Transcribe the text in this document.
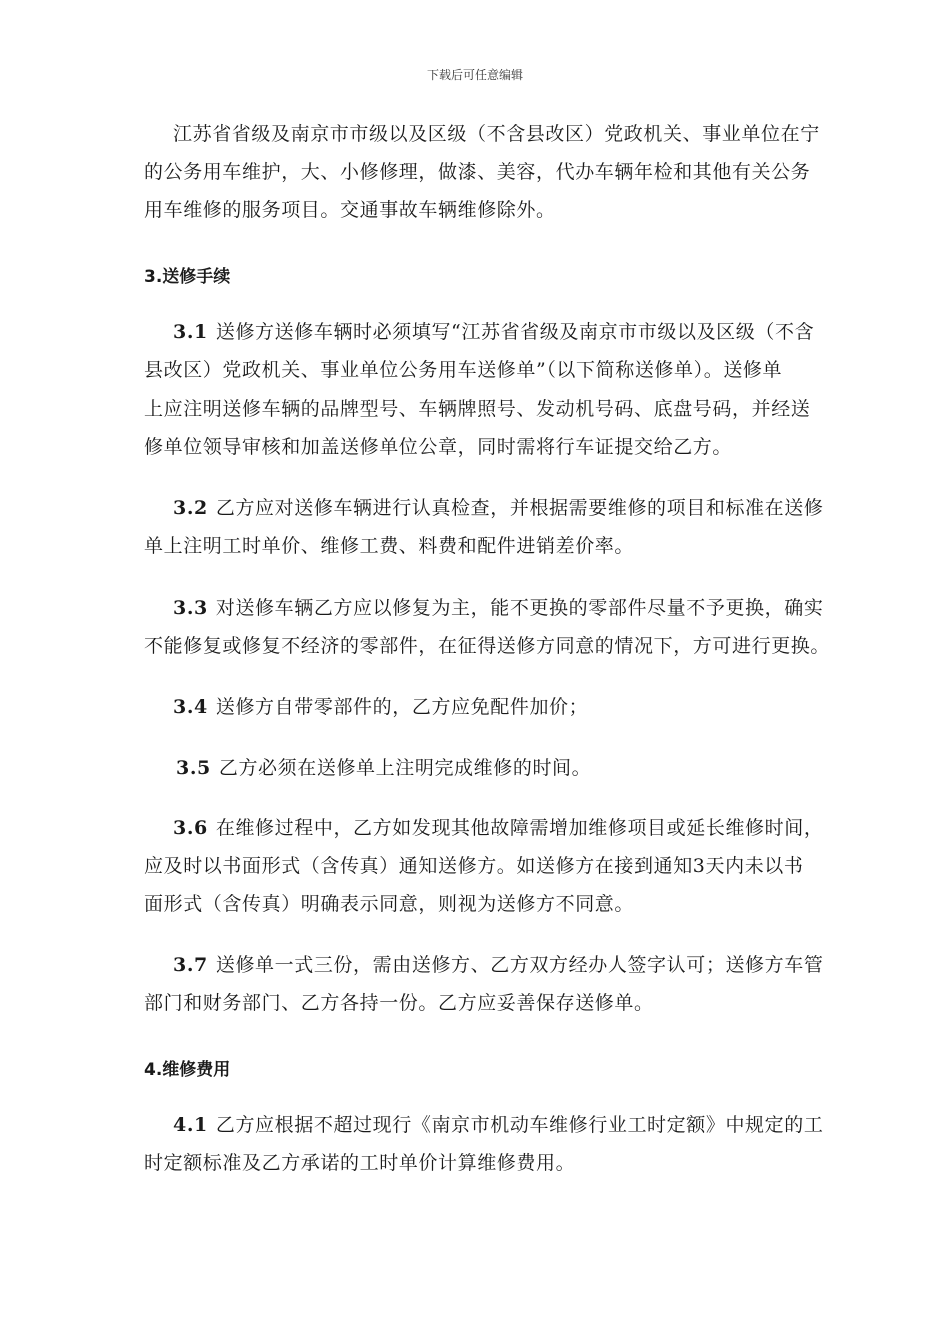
下载后可任意编辑
江苏省省级及南京市市级以及区级（不含县改区）党政机关、事业单位在宁
的公务用车维护，大、小修修理，做漆、美容，代办车辆年检和其他有关公务
用车维修的服务项目。交通事故车辆维修除外。
3.送修手续
3.1 送修方送修车辆时必须填写“江苏省省级及南京市市级以及区级（不含
县改区）党政机关、事业单位公务用车送修单”（以下简称送修单）。送修单
上应注明送修车辆的品牌型号、车辆牌照号、发动机号码、底盘号码，并经送
修单位领导审核和加盖送修单位公章，同时需将行车证提交给乙方。
3.2 乙方应对送修车辆进行认真检查，并根据需要维修的项目和标准在送修
单上注明工时单价、维修工费、料费和配件进销差价率。
3.3 对送修车辆乙方应以修复为主，能不更换的零部件尽量不予更换，确实
不能修复或修复不经济的零部件，在征得送修方同意的情况下，方可进行更换。
3.4 送修方自带零部件的，乙方应免配件加价；
3.5 乙方必须在送修单上注明完成维修的时间。
3.6 在维修过程中，乙方如发现其他故障需增加维修项目或延长维修时间，
应及时以书面形式（含传真）通知送修方。如送修方在接到通知3天内未以书
面形式（含传真）明确表示同意，则视为送修方不同意。
3.7 送修单一式三份，需由送修方、乙方双方经办人签字认可；送修方车管
部门和财务部门、乙方各持一份。乙方应妥善保存送修单。
4.维修费用
4.1 乙方应根据不超过现行《南京市机动车维修行业工时定额》中规定的工
时定额标准及乙方承诺的工时单价计算维修费用。
